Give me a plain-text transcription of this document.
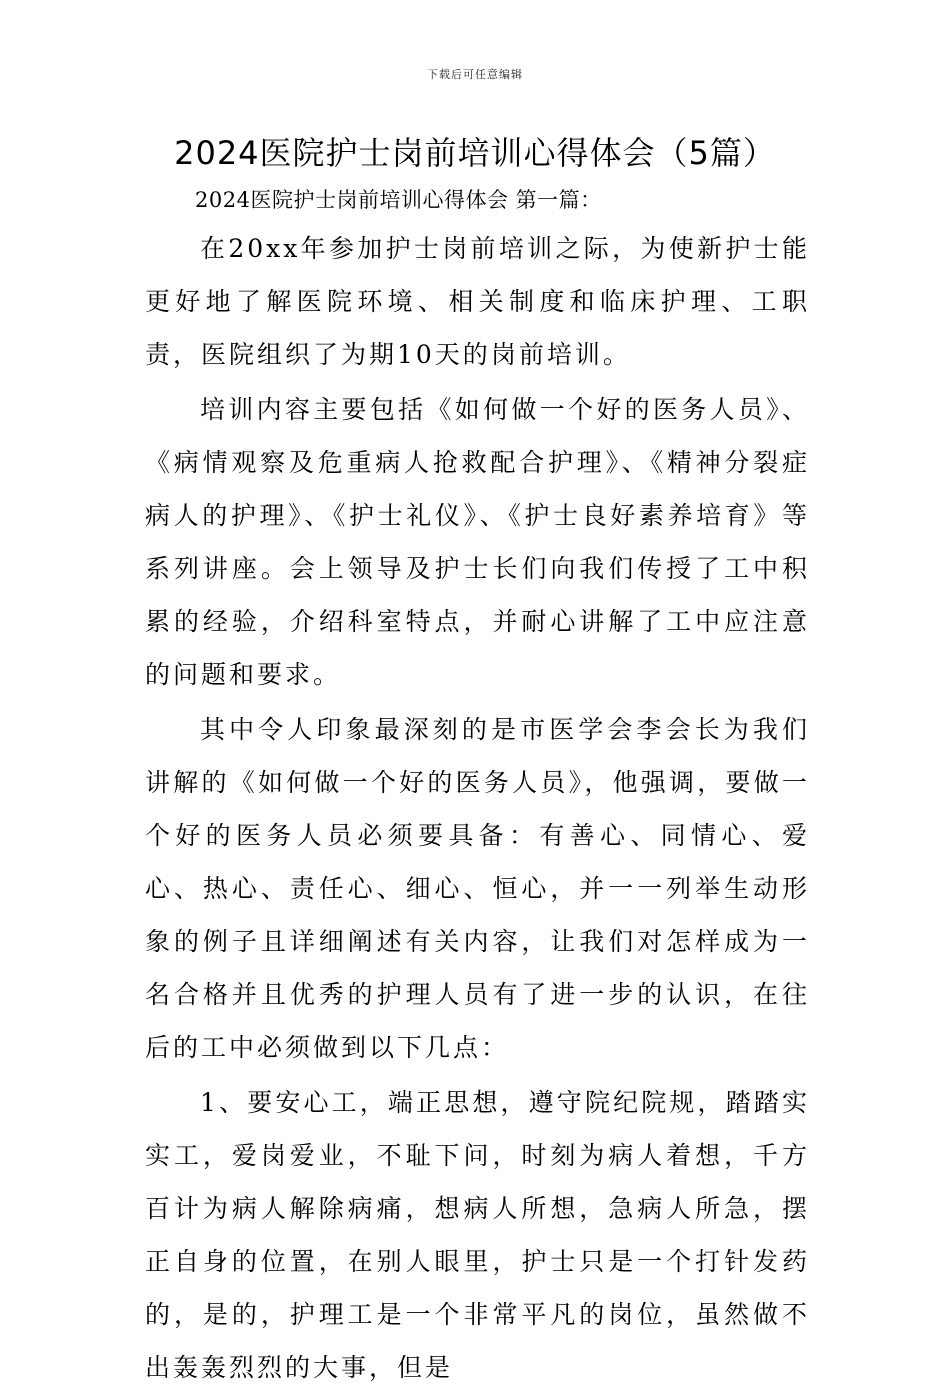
下载后可任意编辑
2024医院护士岗前培训心得体会（5篇）
2024医院护士岗前培训心得体会 第一篇：

在20xx年参加护士岗前培训之际，为使新护士能更好地了解医院环境、相关制度和临床护理、工职责，医院组织了为期10天的岗前培训。

培训内容主要包括《如何做一个好的医务人员》、《病情观察及危重病人抢救配合护理》、《精神分裂症病人的护理》、《护士礼仪》、《护士良好素养培育》等系列讲座。会上领导及护士长们向我们传授了工中积累的经验，介绍科室特点，并耐心讲解了工中应注意的问题和要求。

其中令人印象最深刻的是市医学会李会长为我们讲解的《如何做一个好的医务人员》，他强调，要做一个好的医务人员必须要具备：有善心、同情心、爱心、热心、责任心、细心、恒心，并一一列举生动形象的例子且详细阐述有关内容，让我们对怎样成为一名合格并且优秀的护理人员有了进一步的认识，在往后的工中必须做到以下几点：

1、要安心工，端正思想，遵守院纪院规，踏踏实实工，爱岗爱业，不耻下问，时刻为病人着想，千方百计为病人解除病痛，想病人所想，急病人所急，摆正自身的位置，在别人眼里，护士只是一个打针发药的，是的，护理工是一个非常平凡的岗位，虽然做不出轰轰烈烈的大事，但是
